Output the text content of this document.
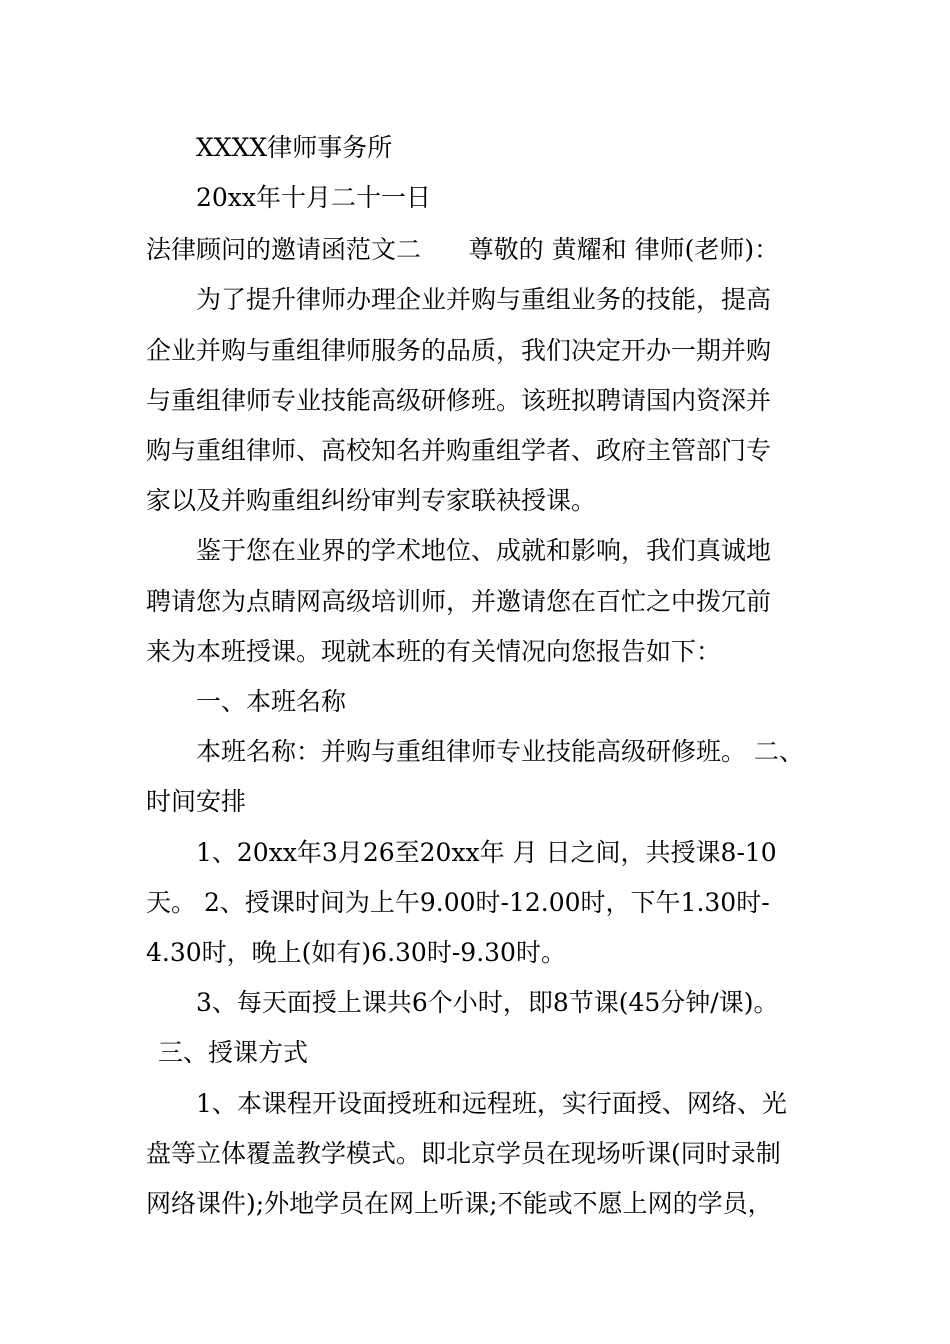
XXXX律师事务所
20xx年十月二十一日
法律顾问的邀请函范文二      尊敬的 黄耀和 律师(老师)：
为了提升律师办理企业并购与重组业务的技能，提高
企业并购与重组律师服务的品质，我们决定开办一期并购
与重组律师专业技能高级研修班。该班拟聘请国内资深并
购与重组律师、高校知名并购重组学者、政府主管部门专
家以及并购重组纠纷审判专家联袂授课。
鉴于您在业界的学术地位、成就和影响，我们真诚地
聘请您为点睛网高级培训师，并邀请您在百忙之中拨冗前
来为本班授课。现就本班的有关情况向您报告如下：
一、本班名称
本班名称：并购与重组律师专业技能高级研修班。 二、
时间安排
1、20xx年3月26至20xx年 月 日之间，共授课8-10
天。 2、授课时间为上午9.00时-12.00时，下午1.30时-
4.30时，晚上(如有)6.30时-9.30时。
3、每天面授上课共6个小时，即8节课(45分钟/课)。
三、授课方式
1、本课程开设面授班和远程班，实行面授、网络、光
盘等立体覆盖教学模式。即北京学员在现场听课(同时录制
网络课件);外地学员在网上听课;不能或不愿上网的学员，
